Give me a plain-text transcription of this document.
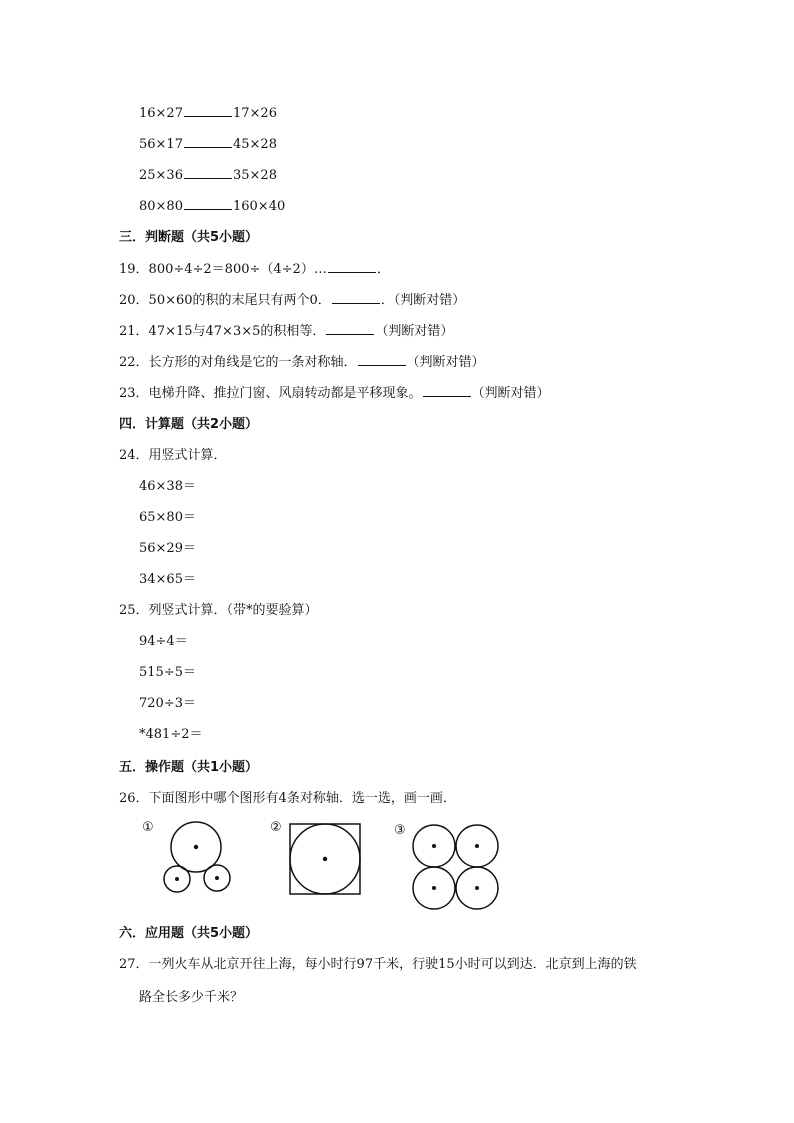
16×27	17×26
56×17	45×28
25×36	35×28
80×80	160×40
三．判断题（共5小题）
19．800÷4÷2＝800÷（4÷2）…	．
20．50×60的积的末尾只有两个0．	．（判断对错）
21．47×15与47×3×5的积相等．	（判断对错）
22．长方形的对角线是它的一条对称轴．	（判断对错）
23．电梯升降、推拉门窗、风扇转动都是平移现象。	（判断对错）
四．计算题（共2小题）
24．用竖式计算．
46×38＝
65×80＝
56×29＝
34×65＝
25．列竖式计算．（带*的要验算）
94÷4＝
515÷5＝
720÷3＝
*481÷2＝
五．操作题（共1小题）
26．下面图形中哪个图形有4条对称轴．选一选，画一画．
①	②	③
六．应用题（共5小题）
27．一列火车从北京开往上海，每小时行97千米，行驶15小时可以到达．北京到上海的铁
路全长多少千米？
